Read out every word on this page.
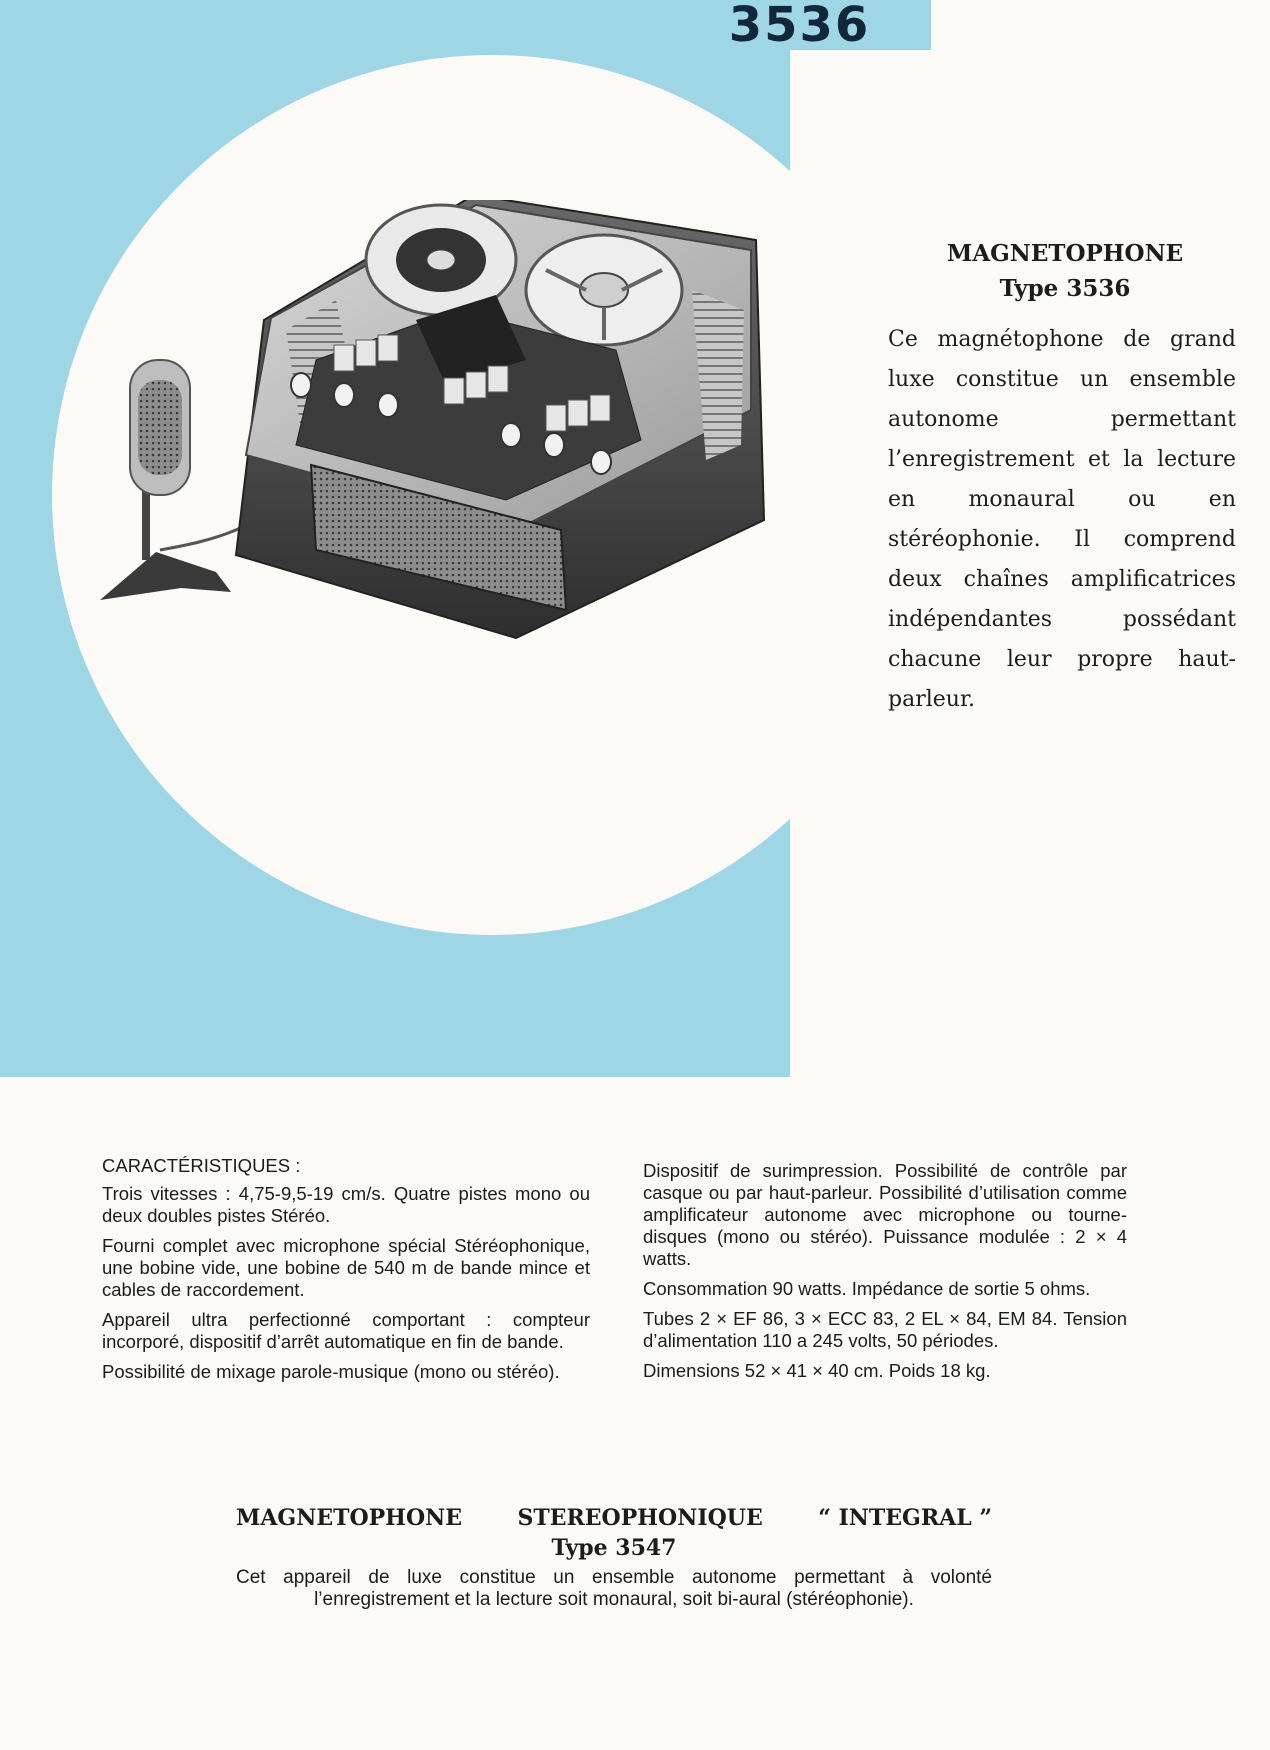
3536
MAGNETOPHONE
Type 3536
Ce magnétophone de grand luxe constitue un ensemble autonome permettant l’enregistrement et la lecture en monaural ou en stéréophonie. Il comprend deux chaînes amplificatrices indépendantes possédant chacune leur propre haut-parleur.
CARACTÉRISTIQUES :

Trois vitesses : 4,75-9,5-19 cm/s. Quatre pistes mono ou deux doubles pistes Stéréo.

Fourni complet avec microphone spécial Stéréophonique, une bobine vide, une bobine de 540 m de bande mince et cables de raccordement.

Appareil ultra perfectionné comportant : compteur incorporé, dispositif d’arrêt automatique en fin de bande.

Possibilité de mixage parole-musique (mono ou stéréo).

Dispositif de surimpression. Possibilité de contrôle par casque ou par haut-parleur. Possibilité d’utilisation comme amplificateur autonome avec microphone ou tourne-disques (mono ou stéréo). Puissance modulée : 2 × 4 watts.

Consommation 90 watts. Impédance de sortie 5 ohms.

Tubes 2 × EF 86, 3 × ECC 83, 2 EL × 84, EM 84. Tension d’alimentation 110 a 245 volts, 50 périodes.

Dimensions 52 × 41 × 40 cm. Poids 18 kg.

MAGNETOPHONE	STEREOPHONIQUE	“ INTEGRAL ”
Type 3547
Cet appareil de luxe constitue un ensemble autonome permettant à volonté l’enregistrement et la lecture soit monaural, soit bi-aural (stéréophonie).
